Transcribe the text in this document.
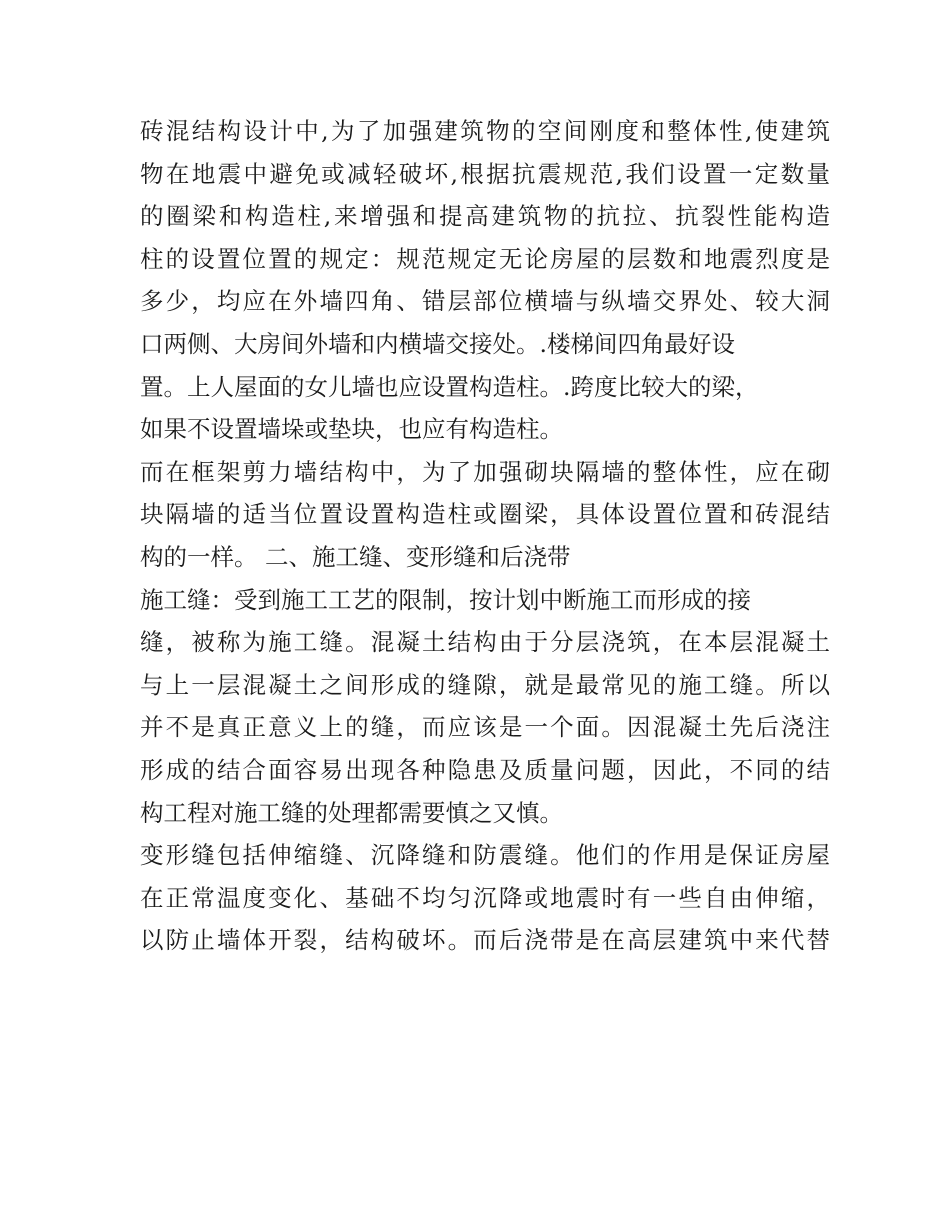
砖混结构设计中,为了加强建筑物的空间刚度和整体性,使建筑
物在地震中避免或减轻破坏,根据抗震规范,我们设置一定数量
的圈梁和构造柱,来增强和提高建筑物的抗拉、抗裂性能构造
柱的设置位置的规定：规范规定无论房屋的层数和地震烈度是
多少，均应在外墙四角、错层部位横墙与纵墙交界处、较大洞
口两侧、大房间外墙和内横墙交接处。.楼梯间四角最好设
置。上人屋面的女儿墙也应设置构造柱。.跨度比较大的梁，
如果不设置墙垛或垫块，也应有构造柱。
而在框架剪力墙结构中，为了加强砌块隔墙的整体性，应在砌
块隔墙的适当位置设置构造柱或圈梁，具体设置位置和砖混结
构的一样。 二、施工缝、变形缝和后浇带
施工缝：受到施工工艺的限制，按计划中断施工而形成的接
缝，被称为施工缝。混凝土结构由于分层浇筑，在本层混凝土
与上一层混凝土之间形成的缝隙，就是最常见的施工缝。所以
并不是真正意义上的缝，而应该是一个面。因混凝土先后浇注
形成的结合面容易出现各种隐患及质量问题，因此，不同的结
构工程对施工缝的处理都需要慎之又慎。
变形缝包括伸缩缝、沉降缝和防震缝。他们的作用是保证房屋
在正常温度变化、基础不均匀沉降或地震时有一些自由伸缩，
以防止墙体开裂，结构破坏。而后浇带是在高层建筑中来代替
